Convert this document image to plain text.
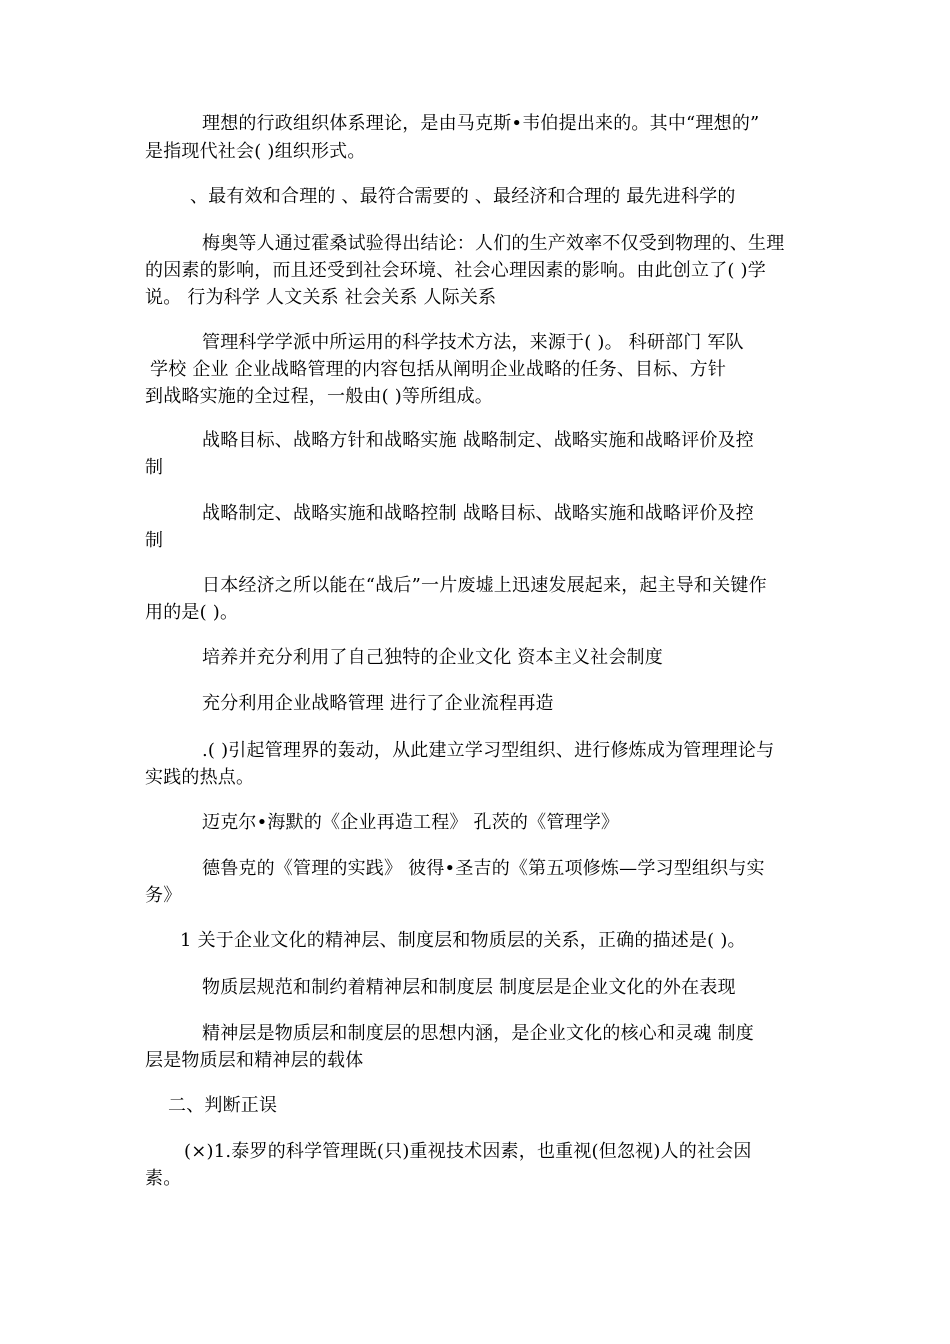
理想的行政组织体系理论，是由马克斯•韦伯提出来的。其中“理想的”
是指现代社会( )组织形式。
、最有效和合理的 、最符合需要的 、最经济和合理的 最先进科学的
梅奥等人通过霍桑试验得出结论：人们的生产效率不仅受到物理的、生理
的因素的影响，而且还受到社会环境、社会心理因素的影响。由此创立了( )学
说。 行为科学 人文关系 社会关系 人际关系
管理科学学派中所运用的科学技术方法，来源于( )。 科研部门 军队
学校 企业 企业战略管理的内容包括从阐明企业战略的任务、目标、方针
到战略实施的全过程，一般由( )等所组成。
战略目标、战略方针和战略实施 战略制定、战略实施和战略评价及控
制
战略制定、战略实施和战略控制 战略目标、战略实施和战略评价及控
制
日本经济之所以能在“战后”一片废墟上迅速发展起来，起主导和关键作
用的是( )。
培养并充分利用了自己独特的企业文化 资本主义社会制度
充分利用企业战略管理 进行了企业流程再造
.( )引起管理界的轰动，从此建立学习型组织、进行修炼成为管理理论与
实践的热点。
迈克尔•海默的《企业再造工程》 孔茨的《管理学》
德鲁克的《管理的实践》 彼得•圣吉的《第五项修炼—学习型组织与实
务》
1 关于企业文化的精神层、制度层和物质层的关系，正确的描述是( )。
物质层规范和制约着精神层和制度层 制度层是企业文化的外在表现
精神层是物质层和制度层的思想内涵，是企业文化的核心和灵魂 制度
层是物质层和精神层的载体
二、判断正误
(×)1.泰罗的科学管理既(只)重视技术因素，也重视(但忽视)人的社会因
素。
